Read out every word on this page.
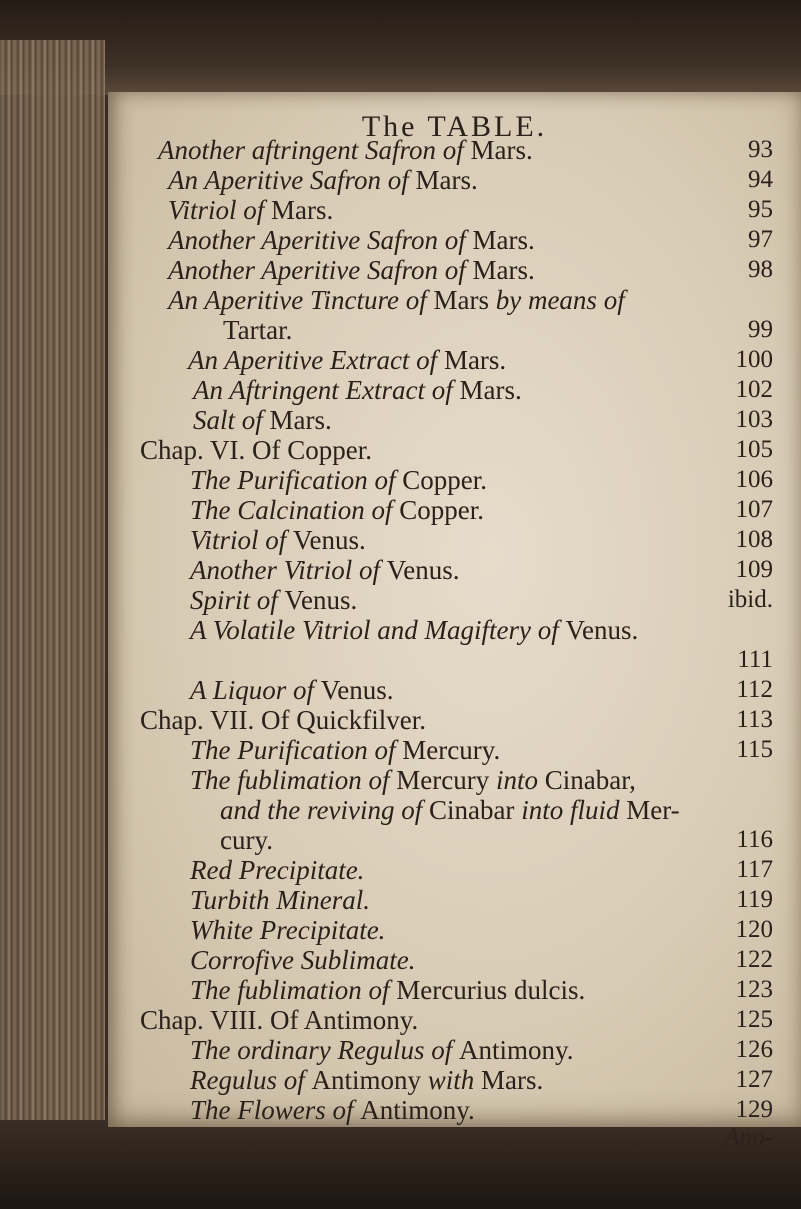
The TABLE.
Another aftringent Safron of Mars.	93
An Aperitive Safron of Mars.	94
Vitriol of Mars.	95
Another Aperitive Safron of Mars.	97
Another Aperitive Safron of Mars.	98
An Aperitive Tincture of Mars by means of
Tartar.	99
An Aperitive Extract of Mars.	100
An Aftringent Extract of Mars.	102
Salt of Mars.	103
Chap. VI. Of Copper.	105
The Purification of Copper.	106
The Calcination of Copper.	107
Vitriol of Venus.	108
Another Vitriol of Venus.	109
Spirit of Venus.	ibid.
A Volatile Vitriol and Magiftery of Venus.
111
A Liquor of Venus.	112
Chap. VII. Of Quickfilver.	113
The Purification of Mercury.	115
The fublimation of Mercury into Cinabar,
and the reviving of Cinabar into fluid Mer-
cury.	116
Red Precipitate.	117
Turbith Mineral.	119
White Precipitate.	120
Corrofive Sublimate.	122
The fublimation of Mercurius dulcis.	123
Chap. VIII. Of Antimony.	125
The ordinary Regulus of Antimony.	126
Regulus of Antimony with Mars.	127
The Flowers of Antimony.	129
Ano-
